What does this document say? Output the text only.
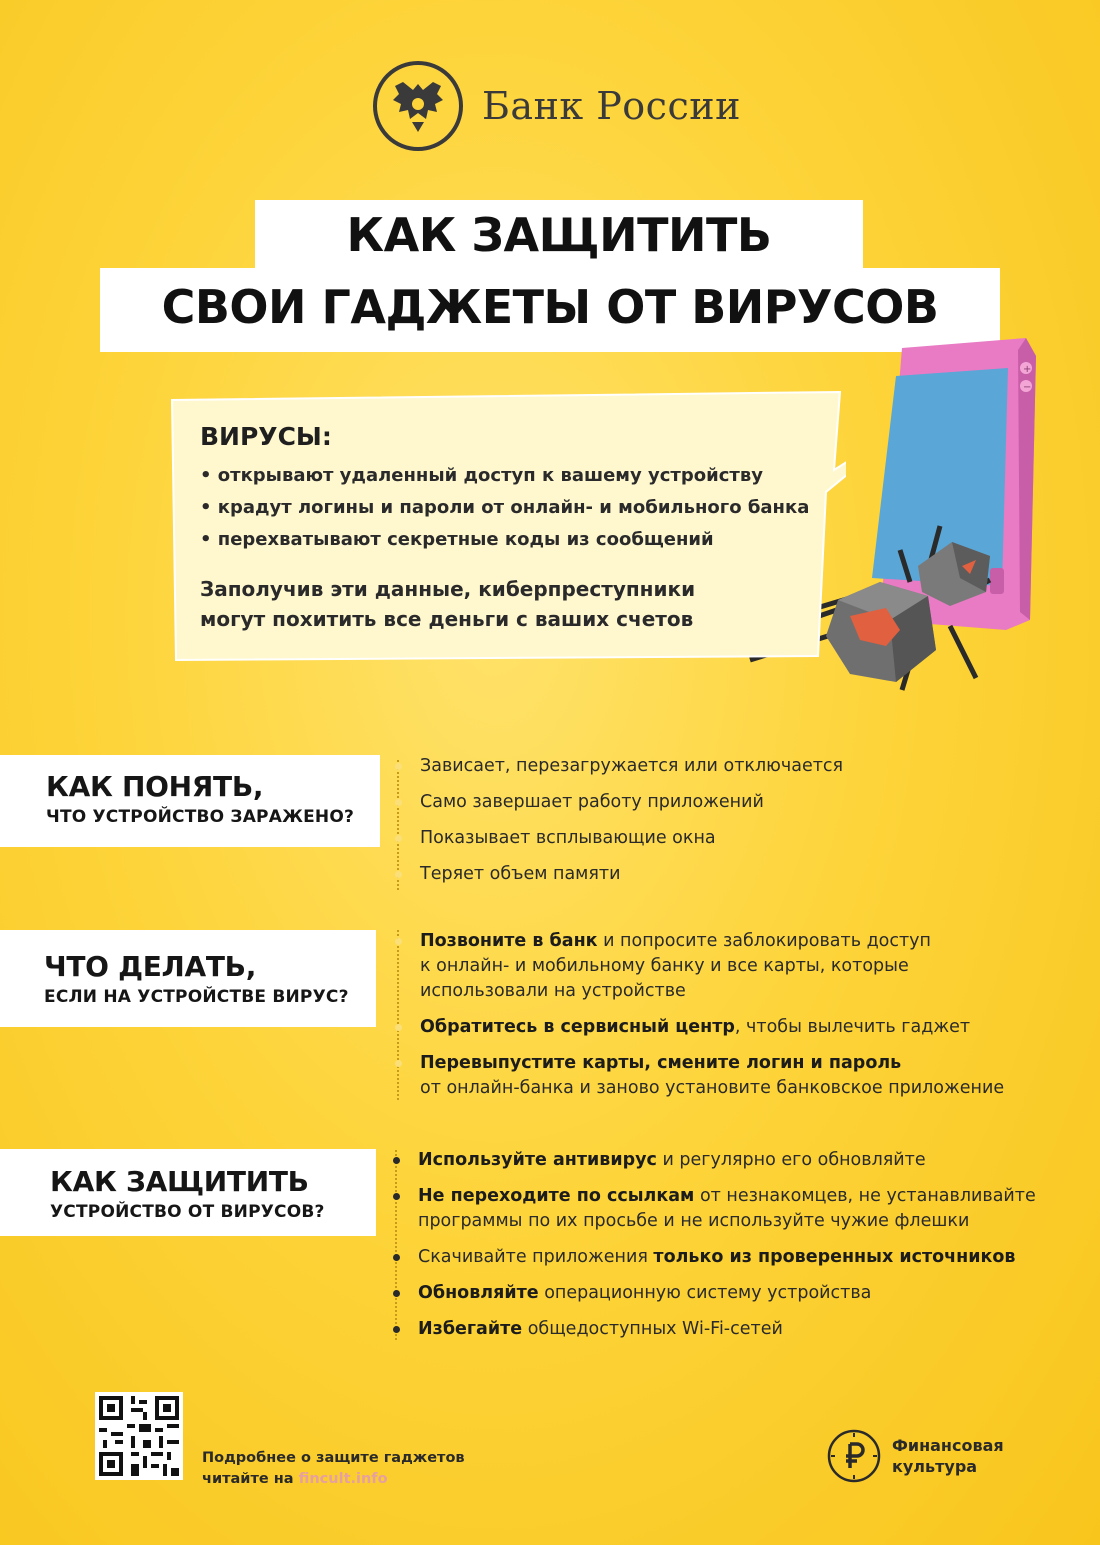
Банк России
КАК ЗАЩИТИТЬ
СВОИ ГАДЖЕТЫ ОТ ВИРУСОВ
+
−
ВИРУСЫ:
• открывают удаленный доступ к вашему устройству
• крадут логины и пароли от онлайн- и мобильного банка
• перехватывают секретные коды из сообщений
Заполучив эти данные, киберпреступники
могут похитить все деньги с ваших счетов
КАК ПОНЯТЬ,
ЧТО УСТРОЙСТВО ЗАРАЖЕНО?
Зависает, перезагружается или отключается
Само завершает работу приложений
Показывает всплывающие окна
Теряет объем памяти
ЧТО ДЕЛАТЬ,
ЕСЛИ НА УСТРОЙСТВЕ ВИРУС?
Позвоните в банк и попросите заблокировать доступ
к онлайн- и мобильному банку и все карты, которые
использовали на устройстве
Обратитесь в сервисный центр, чтобы вылечить гаджет
Перевыпустите карты, смените логин и пароль
от онлайн-банка и заново установите банковское приложение
КАК ЗАЩИТИТЬ
УСТРОЙСТВО ОТ ВИРУСОВ?
Используйте антивирус и регулярно его обновляйте
Не переходите по ссылкам от незнакомцев, не устанавливайте
программы по их просьбе и не используйте чужие флешки
Скачивайте приложения только из проверенных источников
Обновляйте операционную систему устройства
Избегайте общедоступных Wi-Fi-сетей
Подробнее о защите гаджетов
читайте на fincult.info
Финансовая
культура
